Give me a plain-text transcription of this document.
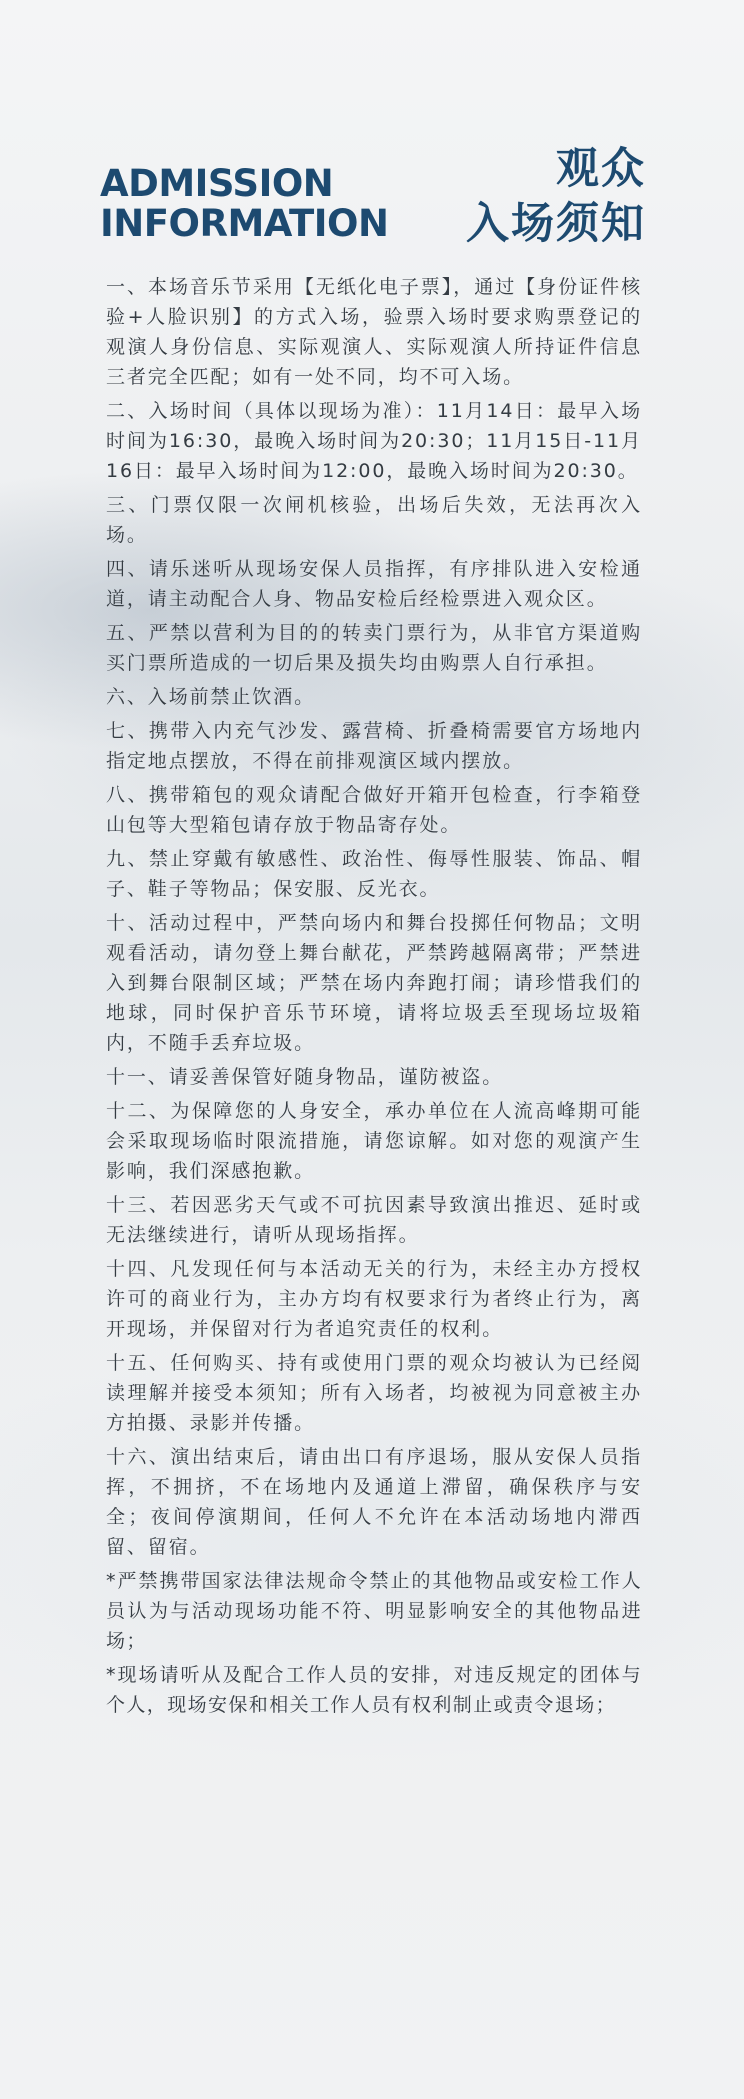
ADMISSION
INFORMATION
观众
入场须知

一、本场音乐节采用【无纸化电子票】，通过【身份证件核验+人脸识别】的方式入场，验票入场时要求购票登记的观演人身份信息、实际观演人、实际观演人所持证件信息三者完全匹配；如有一处不同，均不可入场。

二、入场时间（具体以现场为准）：11月14日：最早入场时间为16:30，最晚入场时间为20:30；11月15日-11月16日：最早入场时间为12:00，最晚入场时间为20:30。

三、门票仅限一次闸机核验，出场后失效，无法再次入场。

四、请乐迷听从现场安保人员指挥，有序排队进入安检通道，请主动配合人身、物品安检后经检票进入观众区。

五、严禁以营利为目的的转卖门票行为，从非官方渠道购买门票所造成的一切后果及损失均由购票人自行承担。

六、入场前禁止饮酒。

七、携带入内充气沙发、露营椅、折叠椅需要官方场地内指定地点摆放，不得在前排观演区域内摆放。

八、携带箱包的观众请配合做好开箱开包检查，行李箱登山包等大型箱包请存放于物品寄存处。

九、禁止穿戴有敏感性、政治性、侮辱性服装、饰品、帽子、鞋子等物品；保安服、反光衣。

十、活动过程中，严禁向场内和舞台投掷任何物品；文明观看活动，请勿登上舞台献花，严禁跨越隔离带；严禁进入到舞台限制区域；严禁在场内奔跑打闹；请珍惜我们的地球，同时保护音乐节环境，请将垃圾丢至现场垃圾箱内，不随手丢弃垃圾。

十一、请妥善保管好随身物品，谨防被盗。

十二、为保障您的人身安全，承办单位在人流高峰期可能会采取现场临时限流措施，请您谅解。如对您的观演产生影响，我们深感抱歉。

十三、若因恶劣天气或不可抗因素导致演出推迟、延时或无法继续进行，请听从现场指挥。

十四、凡发现任何与本活动无关的行为，未经主办方授权许可的商业行为，主办方均有权要求行为者终止行为，离开现场，并保留对行为者追究责任的权利。

十五、任何购买、持有或使用门票的观众均被认为已经阅读理解并接受本须知；所有入场者，均被视为同意被主办方拍摄、录影并传播。

十六、演出结束后，请由出口有序退场，服从安保人员指挥，不拥挤，不在场地内及通道上滞留，确保秩序与安全；夜间停演期间，任何人不允许在本活动场地内滞西留、留宿。

*严禁携带国家法律法规命令禁止的其他物品或安检工作人员认为与活动现场功能不符、明显影响安全的其他物品进场；

*现场请听从及配合工作人员的安排，对违反规定的团体与个人，现场安保和相关工作人员有权利制止或责令退场；
